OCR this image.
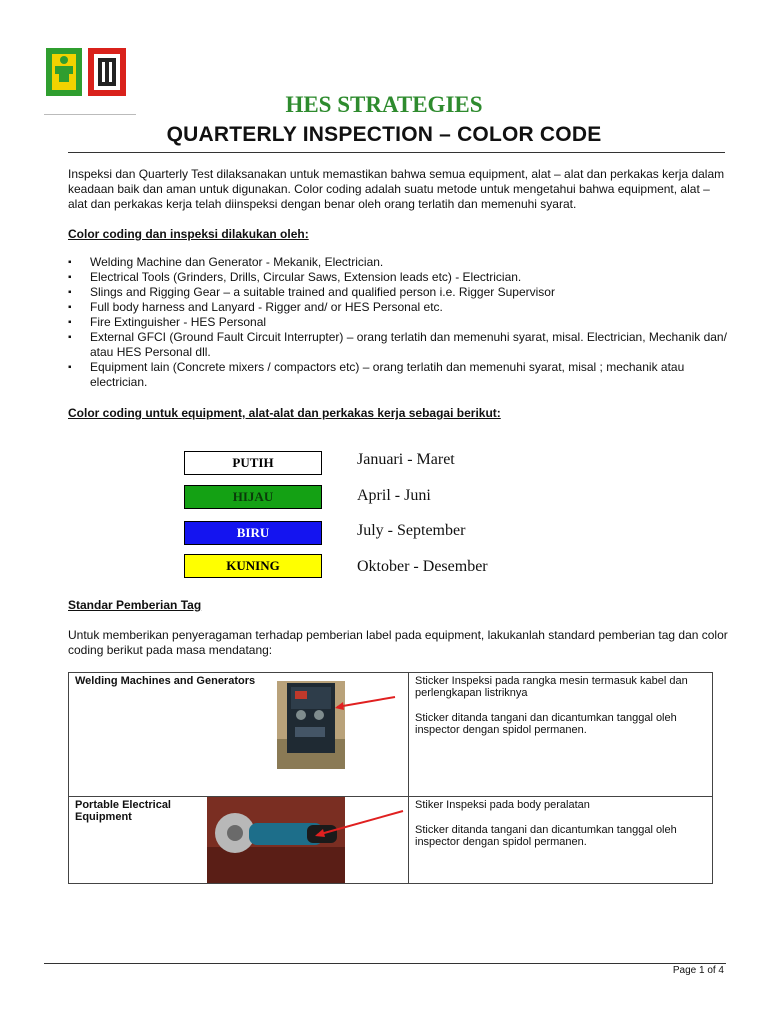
HES STRATEGIES
QUARTERLY INSPECTION – COLOR CODE
Inspeksi dan Quarterly Test dilaksanakan untuk memastikan bahwa semua equipment, alat – alat dan perkakas kerja dalam keadaan baik dan aman untuk digunakan. Color coding adalah suatu metode untuk mengetahui bahwa equipment, alat –alat dan perkakas kerja telah diinspeksi dengan benar oleh orang terlatih dan memenuhi syarat.
Color coding dan inspeksi dilakukan oleh:
▪ Welding Machine dan Generator - Mekanik, Electrician.
▪ Electrical Tools (Grinders, Drills, Circular Saws, Extension leads etc) - Electrician.
▪ Slings and Rigging Gear – a suitable trained and qualified person i.e. Rigger Supervisor
▪ Full body harness and Lanyard - Rigger and/ or HES Personal etc.
▪ Fire Extinguisher - HES Personal
▪ External GFCI (Ground Fault Circuit Interrupter) – orang terlatih dan memenuhi syarat, misal. Electrician, Mechanik dan/ atau HES Personal dll.
▪ Equipment lain (Concrete mixers / compactors etc) – orang terlatih dan memenuhi syarat, misal ; mechanik atau electrician.
Color coding untuk equipment, alat-alat dan perkakas kerja sebagai berikut:
PUTIH	Januari - Maret
HIJAU	April - Juni
BIRU	July - September
KUNING	Oktober - Desember
Standar Pemberian Tag
Untuk memberikan penyeragaman terhadap pemberian label pada equipment, lakukanlah standard pemberian tag dan color coding berikut pada masa mendatang:
Welding Machines and Generators	Sticker Inspeksi pada rangka mesin termasuk kabel dan perlengkapan listriknya
Sticker ditanda tangani dan dicantumkan tanggal oleh inspector dengan spidol permanen.

Portable Electrical Equipment	Stiker Inspeksi pada body peralatan
Sticker ditanda tangani dan dicantumkan tanggal oleh inspector dengan spidol permanen.
Page 1 of 4
